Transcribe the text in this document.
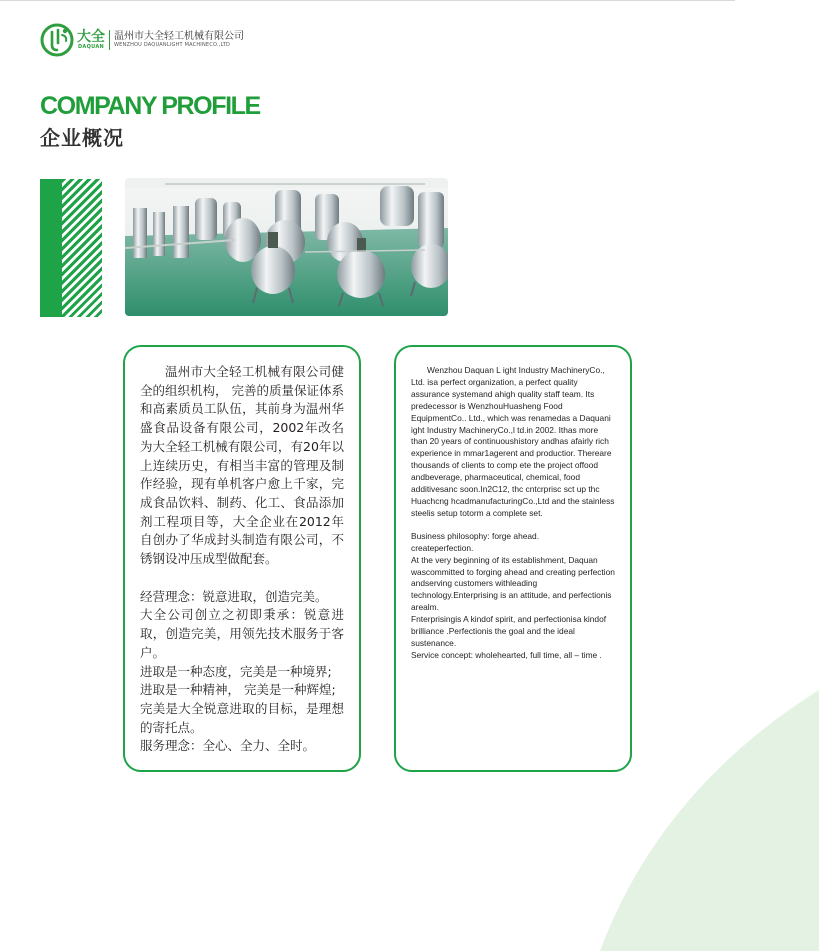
大全
DAQUAN
温州市大全轻工机械有限公司
WENZHOU DAQUANLIGHT MACHINECO.,LTD
COMPANY PROFILE
企业概况

温州市大全轻工机械有限公司健全的组织机构， 完善的质量保证体系和高素质员工队伍，其前身为温州华盛食品设备有限公司，2002年改名为大全轻工机械有限公司，有20年以上连续历史，有相当丰富的管理及制作经验，现有单机客户愈上千家，完成食品饮料、制药、化工、食品添加剂工程项目等，大全企业在2012年自创办了华成封头制造有限公司，不锈钢设冲压成型做配套。

经营理念：锐意进取，创造完美。

大全公司创立之初即秉承：锐意进取，创造完美，用领先技术服务于客户。

进取是一种态度，完美是一种境界;

进取是一种精神， 完美是一种辉煌;

完美是大全锐意进取的目标，是理想的寄托点。

服务理念：全心、全力、全时。

Wenzhou Daquan L ight Industry MachineryCo., Ltd. isa perfect organization, a perfect quality assurance systemand ahigh quality staff team. Its predecessor is WenzhouHuasheng Food EquipmentCo.. Ltd., which was renamedas a Daquani ight Industry MachineryCo.,l td.in 2002. Ithas more than 20 years of continuoushistory andhas afairly rich experience in mmar1agerent and productior. Thereare thousands of clients to comp ete the project offood andbeverage, pharmaceutical, chemical, food additivesanc soon.In2C12, thc cntcrprisc sct up thc Huachcng hcadmanufacturingCo.,Ltd and the stainless steelis setup totorm a complete set.

Business philosophy: forge ahead.

createperfection.

At the very beginning of its establishment, Daquan wascommitted to forging ahead and creating perfection andserving customers withleading technology.Enterprising is an attitude, and perfectionis arealm.

Fnterprisingis A kindof spirit, and perfectionisa kindof brilliance .Perfectionis the goal and the ideal sustenance.

Service concept: wholehearted, full time, all – time .
